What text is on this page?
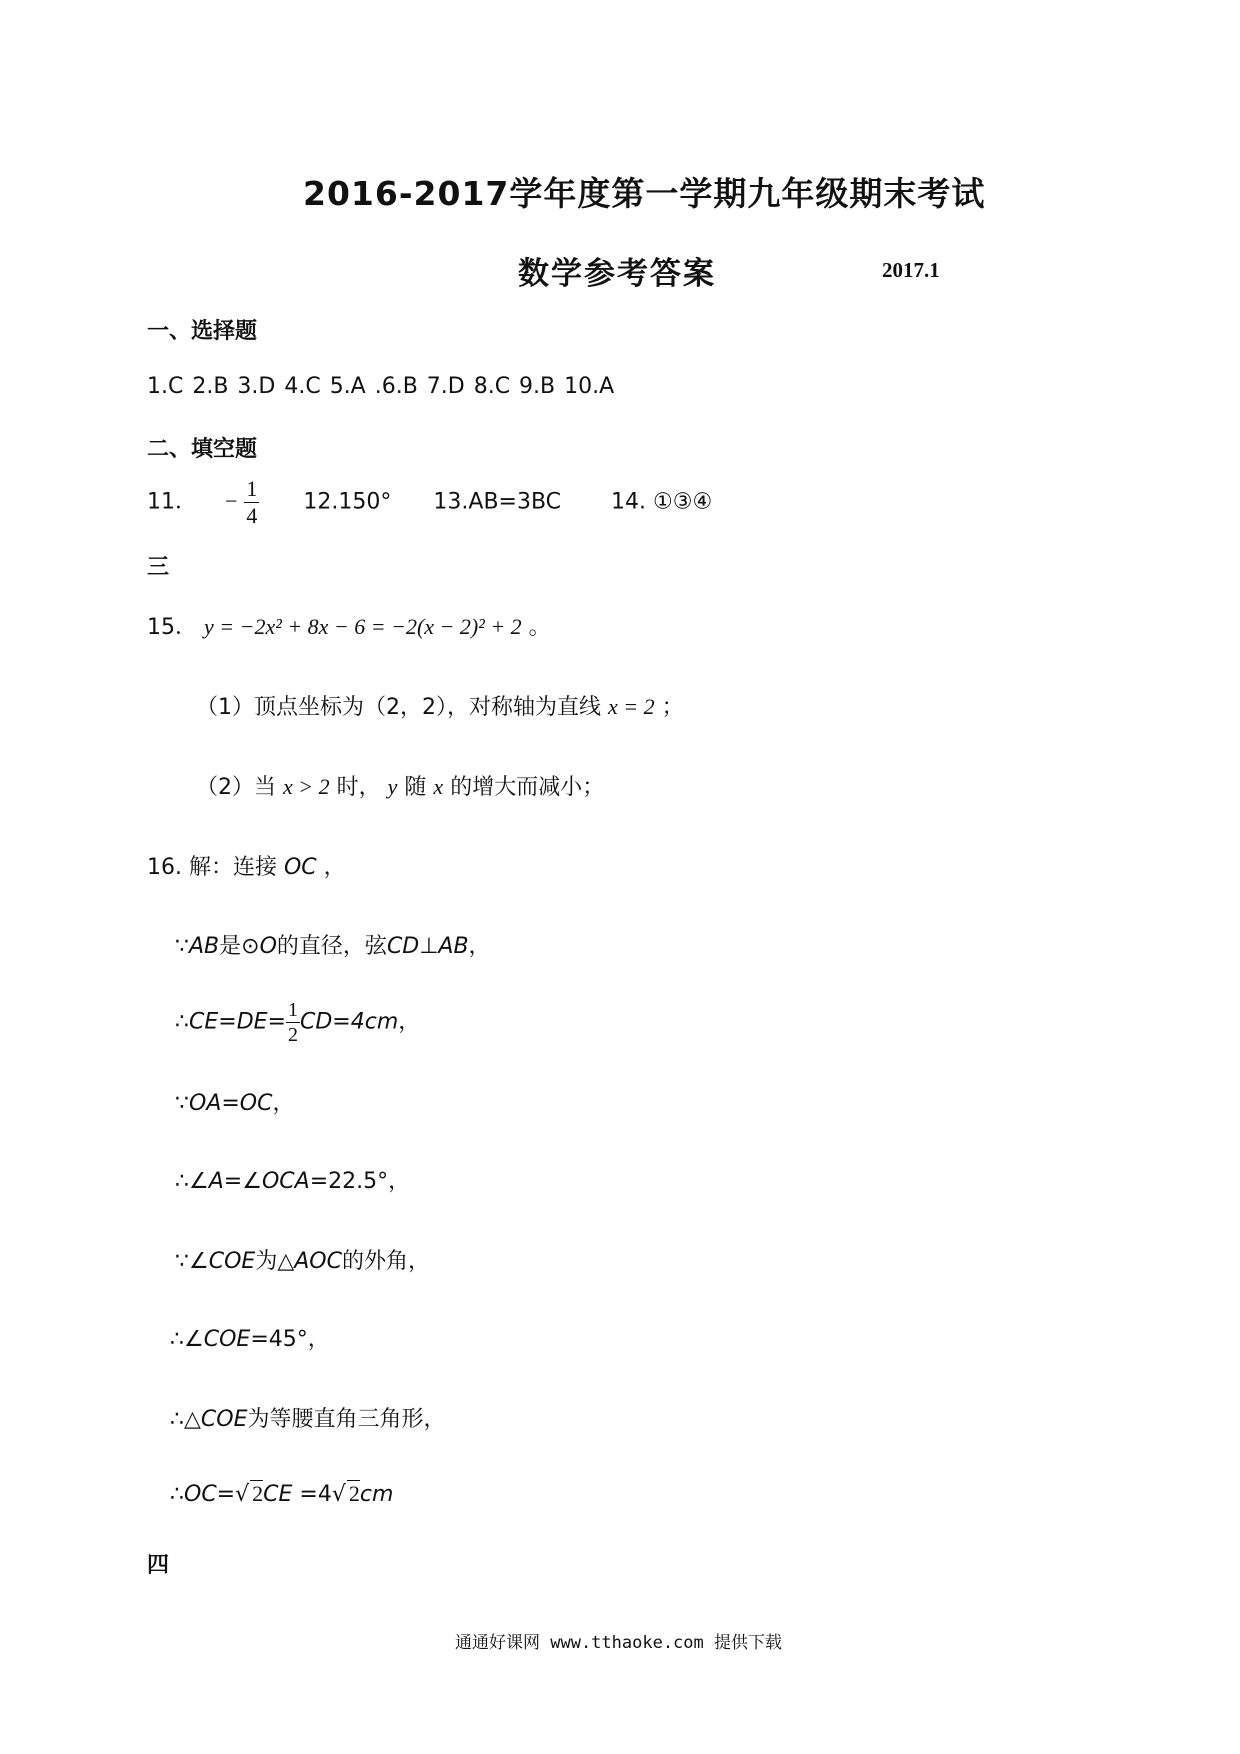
2016-2017学年度第一学期九年级期末考试
数学参考答案	2017.1
一、选择题
1.C 2.B 3.D 4.C 5.A .6.B 7.D 8.C 9.B 10.A
二、填空题
11． − $\frac{1}{4} 12.150^\circ$ 13.AB=3BC 14. ①③④
三
15． y = −2x² + 8x − 6 = −2(x − 2)² + 2 。
（1）顶点坐标为（2，2），对称轴为直线 x = 2 ；
（2）当 x > 2 时， y 随 x 的增大而减小；
16. 解：连接 OC ，
∵AB是⊙O的直径，弦CD⊥AB，
∴CE=DE= $\frac{1}{2} CD=4cm$，
∵OA=OC，
∴∠A=∠OCA=22.5°，
∵∠COE为△AOC的外角，
∴∠COE=45°，
∴△COE为等腰直角三角形，
∴OC=√ 2CE =4√ 2cm
四
通通好课网 www.tthaoke.com 提供下载
